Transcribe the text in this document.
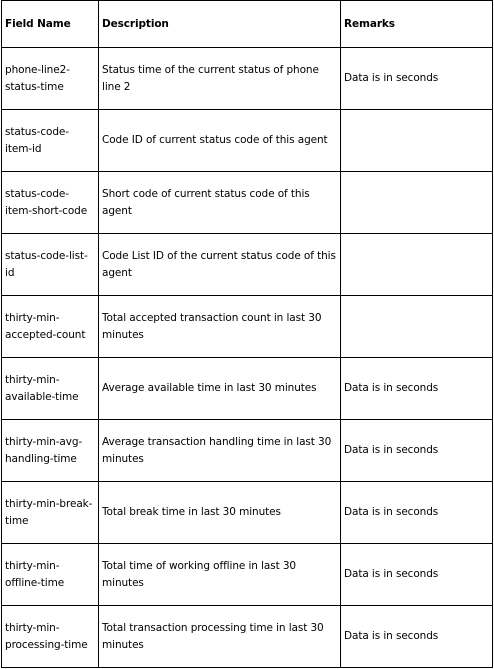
Field Name	Description	Remarks
phone-line2-status-time	Status time of the current status of phone line 2	Data is in seconds
status-code-item-id	Code ID of current status code of this agent	
status-code-item-short-code	Short code of current status code of this agent	
status-code-list-id	Code List ID of the current status code of this agent	
thirty-min-accepted-count	Total accepted transaction count in last 30 minutes	
thirty-min-available-time	Average available time in last 30 minutes	Data is in seconds
thirty-min-avg-handling-time	Average transaction handling time in last 30 minutes	Data is in seconds
thirty-min-break-time	Total break time in last 30 minutes	Data is in seconds
thirty-min-offline-time	Total time of working offline in last 30 minutes	Data is in seconds
thirty-min-processing-time	Total transaction processing time in last 30 minutes	Data is in seconds
